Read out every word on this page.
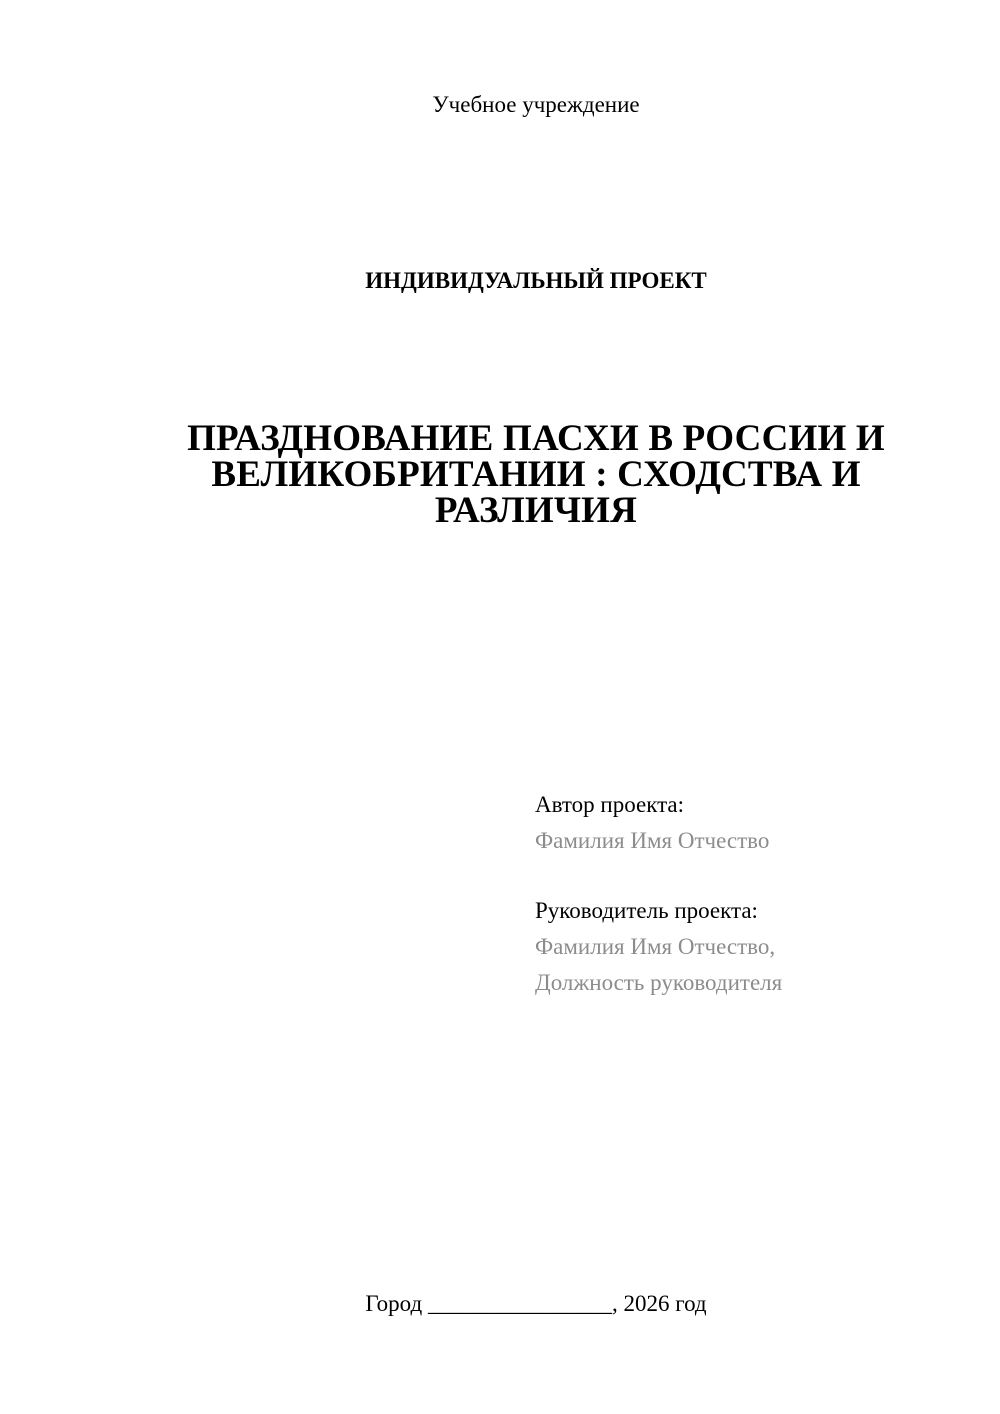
Учебное учреждение
ИНДИВИДУАЛЬНЫЙ ПРОЕКТ
ПРАЗДНОВАНИЕ ПАСХИ В РОССИИ И
ВЕЛИКОБРИТАНИИ : СХОДСТВА И
РАЗЛИЧИЯ
Автор проекта:
Фамилия Имя Отчество
Руководитель проекта:
Фамилия Имя Отчество,
Должность руководителя
Город ________________, 2026 год
